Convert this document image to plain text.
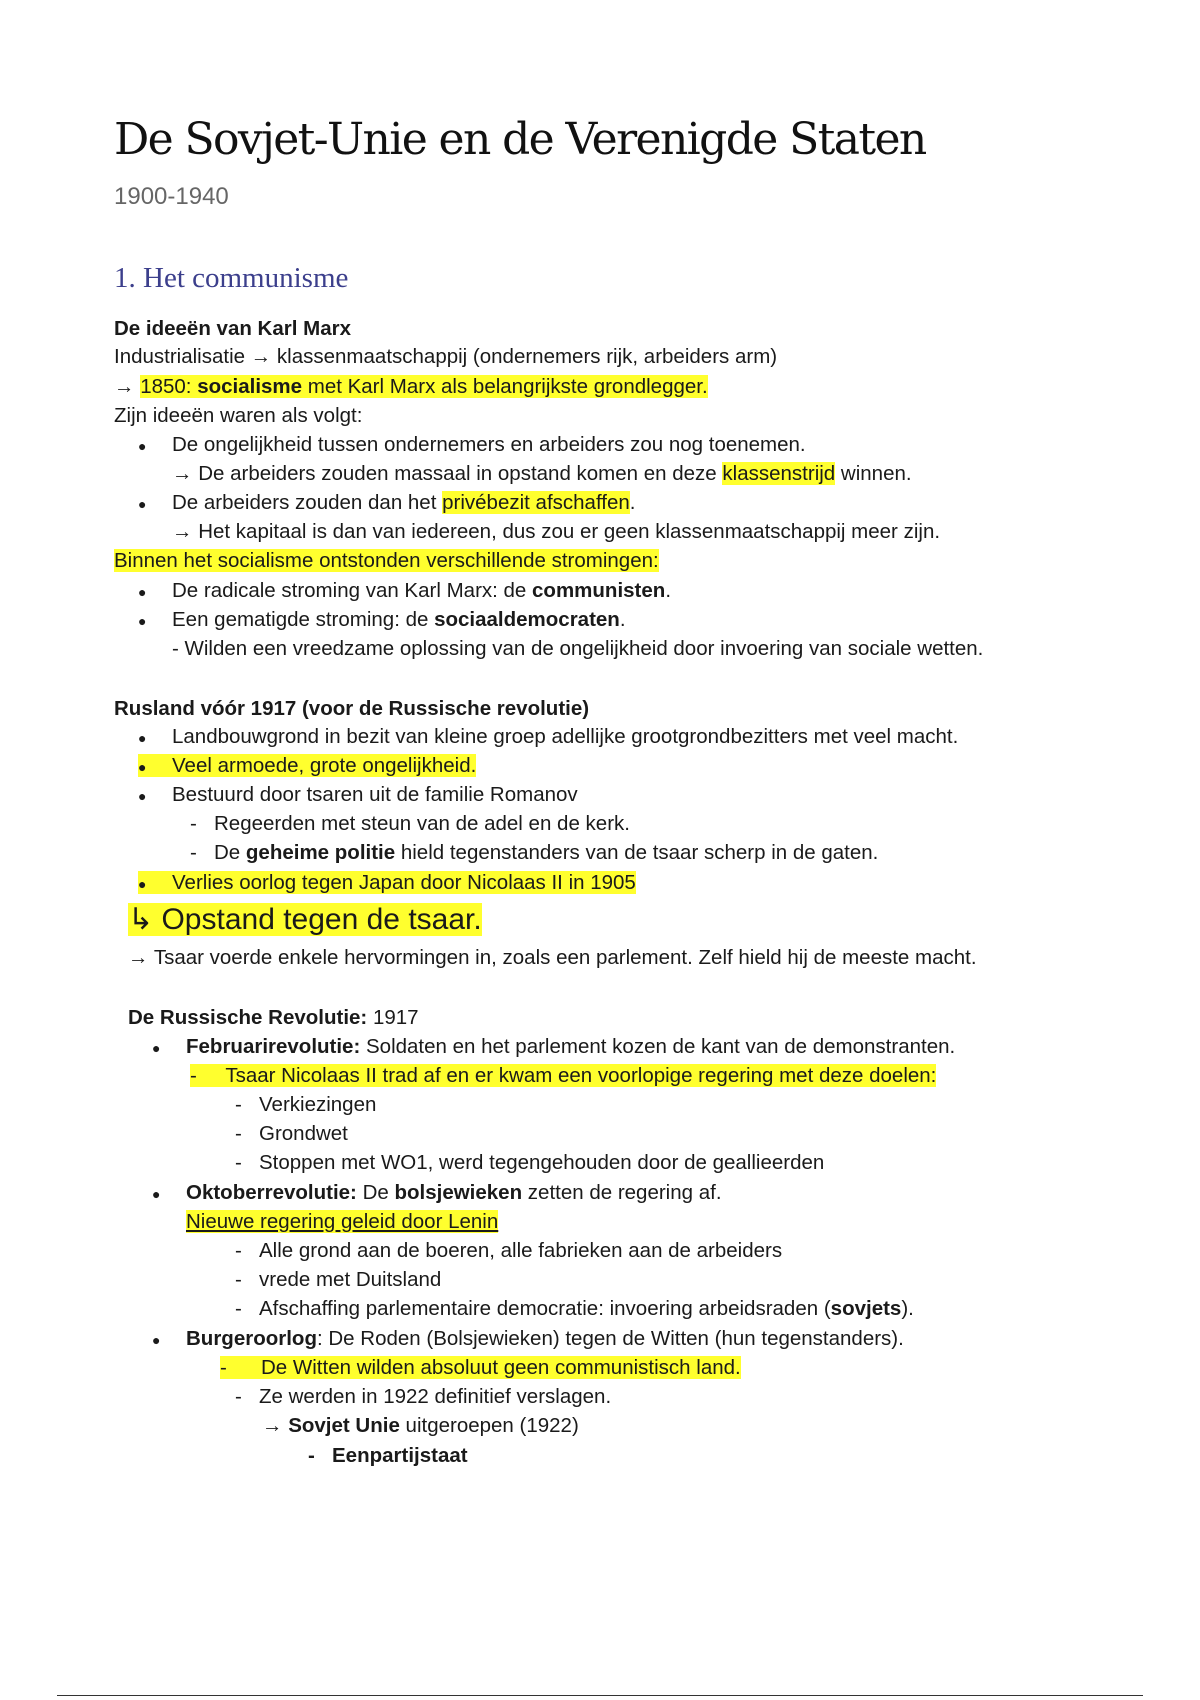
De Sovjet-Unie en de Verenigde Staten
1900-1940
1. Het communisme
De ideeën van Karl Marx
Industrialisatie → klassenmaatschappij (ondernemers rijk, arbeiders arm)
→ 1850: socialisme met Karl Marx als belangrijkste grondlegger.
Zijn ideeën waren als volgt:
● De ongelijkheid tussen ondernemers en arbeiders zou nog toenemen.
→ De arbeiders zouden massaal in opstand komen en deze klassenstrijd winnen.
● De arbeiders zouden dan het privébezit afschaffen.
→ Het kapitaal is dan van iedereen, dus zou er geen klassenmaatschappij meer zijn.
Binnen het socialisme ontstonden verschillende stromingen:
● De radicale stroming van Karl Marx: de communisten.
● Een gematigde stroming: de sociaaldemocraten.
- Wilden een vreedzame oplossing van de ongelijkheid door invoering van sociale wetten.
Rusland vóór 1917 (voor de Russische revolutie)
● Landbouwgrond in bezit van kleine groep adellijke grootgrondbezitters met veel macht.
● Veel armoede, grote ongelijkheid.
● Bestuurd door tsaren uit de familie Romanov
- Regeerden met steun van de adel en de kerk.
- De geheime politie hield tegenstanders van de tsaar scherp in de gaten.
● Verlies oorlog tegen Japan door Nicolaas II in 1905
↳ Opstand tegen de tsaar.
→ Tsaar voerde enkele hervormingen in, zoals een parlement. Zelf hield hij de meeste macht.
De Russische Revolutie: 1917
● Februarirevolutie: Soldaten en het parlement kozen de kant van de demonstranten.
-     Tsaar Nicolaas II trad af en er kwam een voorlopige regering met deze doelen:
- Verkiezingen
- Grondwet
- Stoppen met WO1, werd tegengehouden door de geallieerden
● Oktoberrevolutie: De bolsjewieken zetten de regering af.
Nieuwe regering geleid door Lenin
- Alle grond aan de boeren, alle fabrieken aan de arbeiders
- vrede met Duitsland
- Afschaffing parlementaire democratie: invoering arbeidsraden (sovjets).
● Burgeroorlog: De Roden (Bolsjewieken) tegen de Witten (hun tegenstanders).
-      De Witten wilden absoluut geen communistisch land.
- Ze werden in 1922 definitief verslagen.
→ Sovjet Unie uitgeroepen (1922)
- Eenpartijstaat
